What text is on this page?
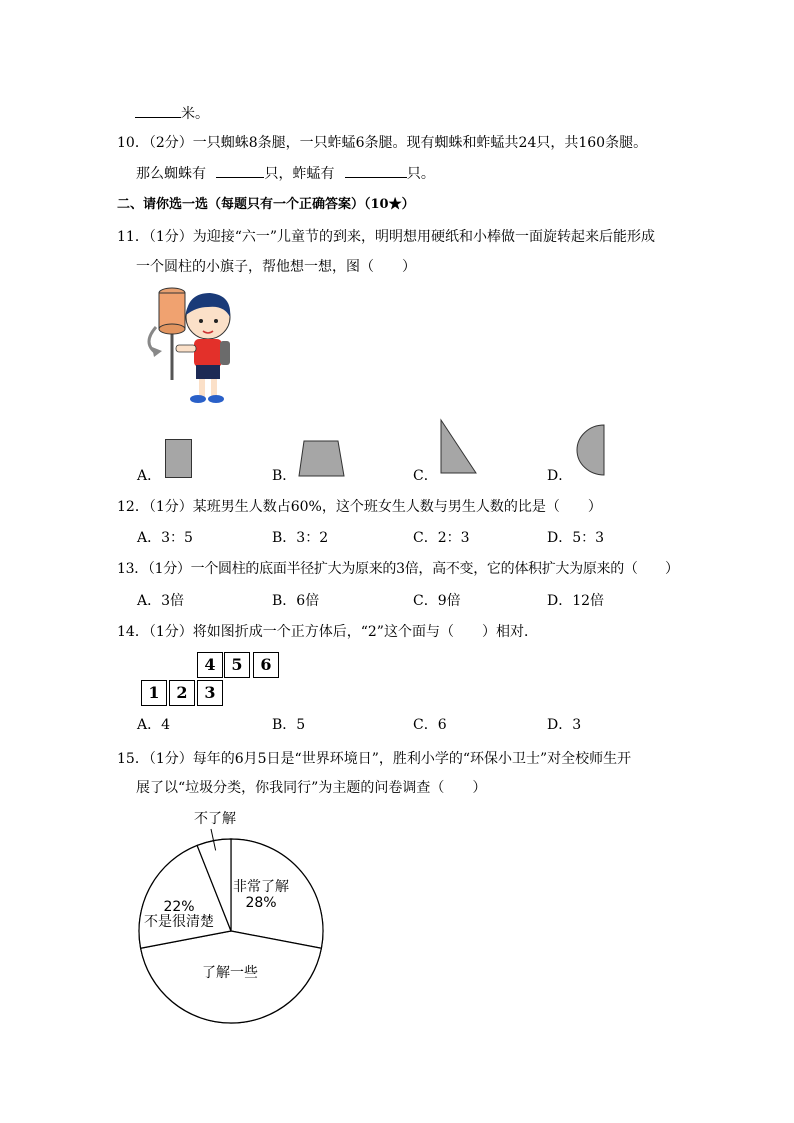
米。
10．（2分）一只蜘蛛8条腿，一只蚱蜢6条腿。现有蜘蛛和蚱蜢共24只，共160条腿。
那么蜘蛛有	只，蚱蜢有	只。
二、请你选一选（每题只有一个正确答案）（10★）
11．（1分）为迎接“六一”儿童节的到来，明明想用硬纸和小棒做一面旋转起来后能形成
一个圆柱的小旗子，帮他想一想，图（　　）
A．	B．	C．	D．
12．（1分）某班男生人数占60%，这个班女生人数与男生人数的比是（　　）
A．3：5	B．3：2	C．2：3	D．5：3
13．（1分）一个圆柱的底面半径扩大为原来的3倍，高不变，它的体积扩大为原来的（　　）
A．3倍	B．6倍	C．9倍	D．12倍
14．（1分）将如图折成一个正方体后，“2”这个面与（　　）相对．
4 5	6
1	2	3
A．4	B．5	C．6	D．3
15．（1分）每年的6月5日是“世界环境日”，胜利小学的“环保小卫士”对全校师生开
展了以“垃圾分类，你我同行”为主题的问卷调查（　　）
非常了解
28%
了解一些
22%
不是很清楚
不了解
